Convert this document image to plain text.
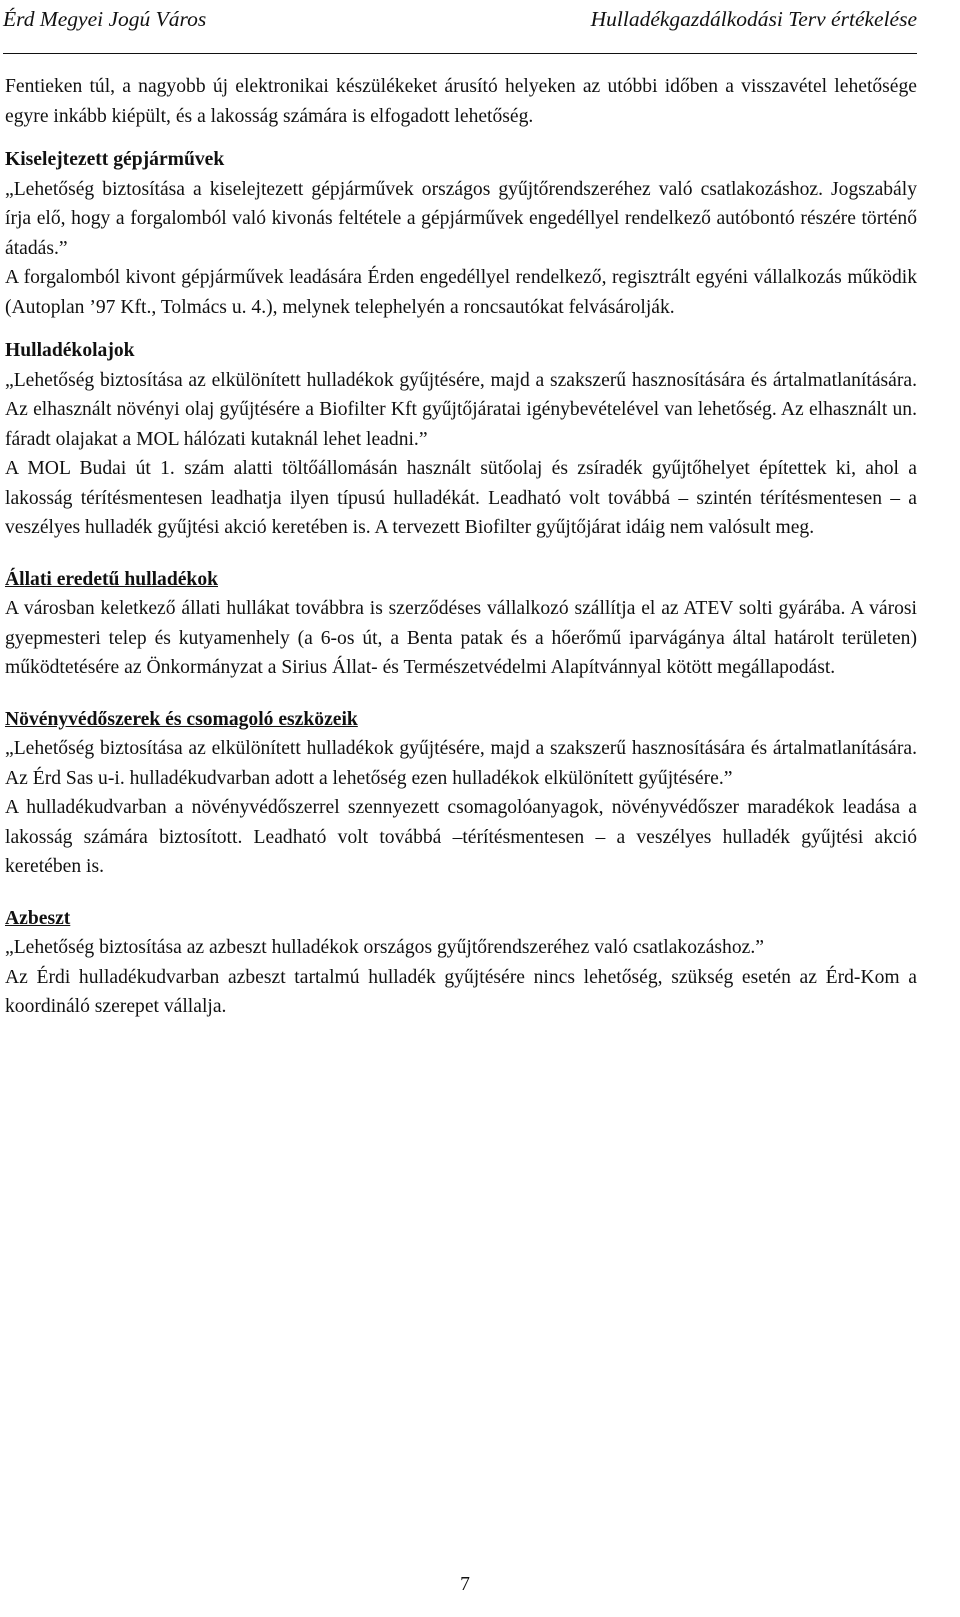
Érd Megyei Jogú Város	Hulladékgazdálkodási Terv értékelése

Fentieken túl, a nagyobb új elektronikai készülékeket árusító helyeken az utóbbi időben a visszavétel lehetősége egyre inkább kiépült, és a lakosság számára is elfogadott lehetőség.

Kiselejtezett gépjárművek

„Lehetőség biztosítása a kiselejtezett gépjárművek országos gyűjtőrendszeréhez való csatlakozáshoz. Jogszabály írja elő, hogy a forgalomból való kivonás feltétele a gépjárművek engedéllyel rendelkező autóbontó részére történő átadás.”

A forgalomból kivont gépjárművek leadására Érden engedéllyel rendelkező, regisztrált egyéni vállalkozás működik (Autoplan ’97 Kft., Tolmács u. 4.), melynek telephelyén a roncsautókat felvásárolják.

Hulladékolajok

„Lehetőség biztosítása az elkülönített hulladékok gyűjtésére, majd a szakszerű hasznosítására és ártalmatlanítására. Az elhasznált növényi olaj gyűjtésére a Biofilter Kft gyűjtőjáratai igénybevételével van lehetőség. Az elhasznált un. fáradt olajakat a MOL hálózati kutaknál lehet leadni.”

A MOL Budai út 1. szám alatti töltőállomásán használt sütőolaj és zsíradék gyűjtőhelyet építettek ki, ahol a lakosság térítésmentesen leadhatja ilyen típusú hulladékát. Leadható volt továbbá – szintén térítésmentesen – a veszélyes hulladék gyűjtési akció keretében is. A tervezett Biofilter gyűjtőjárat idáig nem valósult meg.

Állati eredetű hulladékok

A városban keletkező állati hullákat továbbra is szerződéses vállalkozó szállítja el az ATEV solti gyárába. A városi gyepmesteri telep és kutyamenhely (a 6-os út, a Benta patak és a hőerőmű iparvágánya által határolt területen) működtetésére az Önkormányzat a Sirius Állat- és Természetvédelmi Alapítvánnyal kötött megállapodást.

Növényvédőszerek és csomagoló eszközeik

„Lehetőség biztosítása az elkülönített hulladékok gyűjtésére, majd a szakszerű hasznosítására és ártalmatlanítására. Az Érd Sas u-i. hulladékudvarban adott a lehetőség ezen hulladékok elkülönített gyűjtésére.”

A hulladékudvarban a növényvédőszerrel szennyezett csomagolóanyagok, növényvédőszer maradékok leadása a lakosság számára biztosított. Leadható volt továbbá –térítésmentesen – a veszélyes hulladék gyűjtési akció keretében is.

Azbeszt

„Lehetőség biztosítása az azbeszt hulladékok országos gyűjtőrendszeréhez való csatlakozáshoz.”

Az Érdi hulladékudvarban azbeszt tartalmú hulladék gyűjtésére nincs lehetőség, szükség esetén az Érd-Kom a koordináló szerepet vállalja.

7
